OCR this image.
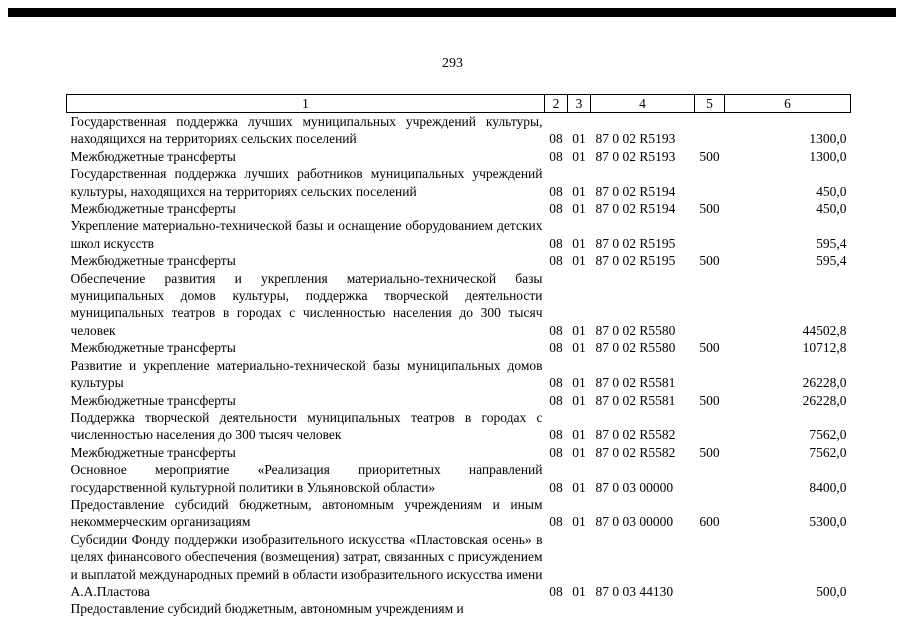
293
1	2	3	4	5	6
Государственная поддержка лучших муниципальных учреждений культуры, находящихся на территориях сельских поселений	08	01	87 0 02 R5193		1300,0
Межбюджетные трансферты	08	01	87 0 02 R5193	500	1300,0
Государственная поддержка лучших работников муниципальных учреждений культуры, находящихся на территориях сельских поселений	08	01	87 0 02 R5194		450,0
Межбюджетные трансферты	08	01	87 0 02 R5194	500	450,0
Укрепление материально-технической базы и оснащение оборудованием детских школ искусств	08	01	87 0 02 R5195		595,4
Межбюджетные трансферты	08	01	87 0 02 R5195	500	595,4
Обеспечение развития и укрепления материально-технической базы муниципальных домов культуры, поддержка творческой деятельности муниципальных театров в городах с численностью населения до 300 тысяч человек	08	01	87 0 02 R5580		44502,8
Межбюджетные трансферты	08	01	87 0 02 R5580	500	10712,8
Развитие и укрепление материально-технической базы муниципальных домов культуры	08	01	87 0 02 R5581		26228,0
Межбюджетные трансферты	08	01	87 0 02 R5581	500	26228,0
Поддержка творческой деятельности муниципальных театров в городах с численностью населения до 300 тысяч человек	08	01	87 0 02 R5582		7562,0
Межбюджетные трансферты	08	01	87 0 02 R5582	500	7562,0
Основное мероприятие «Реализация приоритетных направлений государственной культурной политики в Ульяновской области»	08	01	87 0 03 00000		8400,0
Предоставление субсидий бюджетным, автономным учреждениям и иным некоммерческим организациям	08	01	87 0 03 00000	600	5300,0
Субсидии Фонду поддержки изобразительного искусства «Пластовская осень» в целях финансового обеспечения (возмещения) затрат, связанных с присуждением и выплатой международных премий в области изобразительного искусства имени А.А.Пластова	08	01	87 0 03 44130		500,0
Предоставление субсидий бюджетным, автономным учреждениям и					
